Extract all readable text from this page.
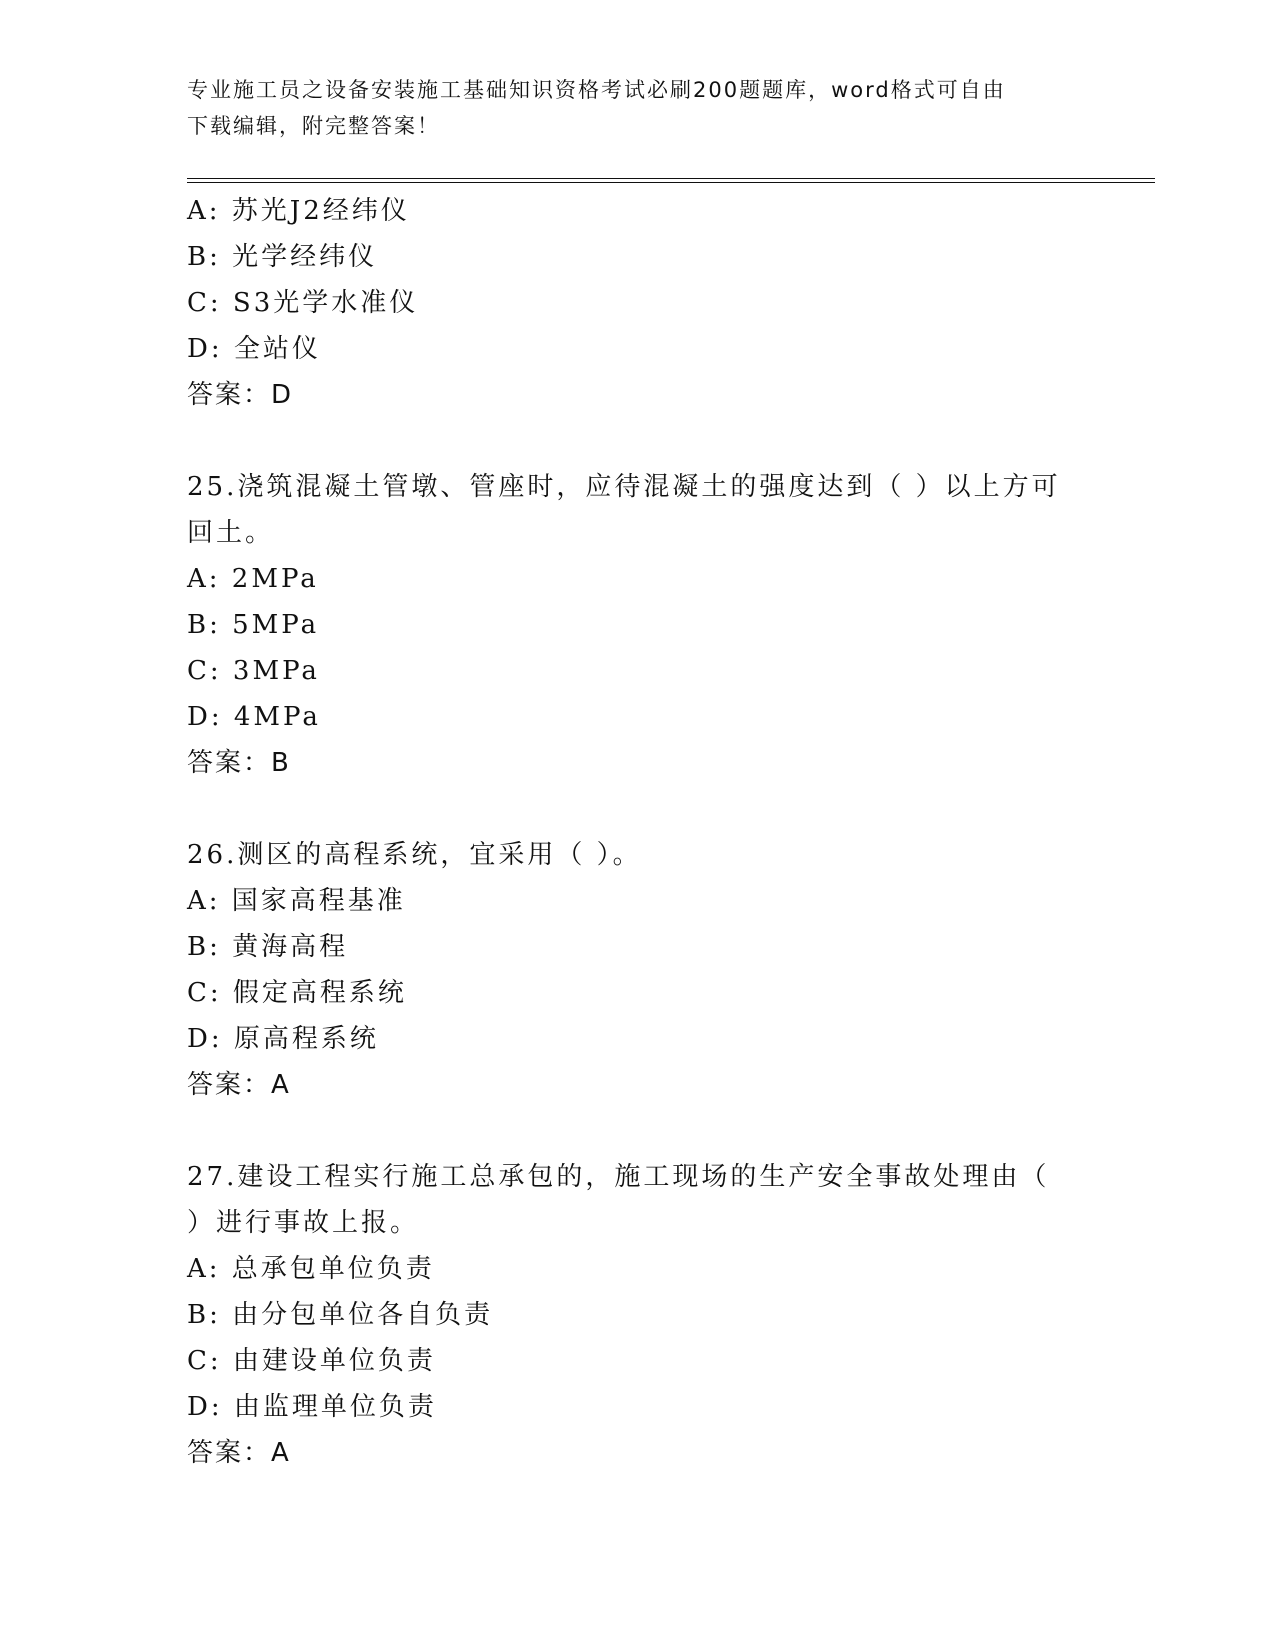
专业施工员之设备安装施工基础知识资格考试必刷200题题库，word格式可自由
下载编辑，附完整答案！
A: 苏光J2经纬仪
B: 光学经纬仪
C: S3光学水准仪
D: 全站仪
答案：D
25.浇筑混凝土管墩、管座时，应待混凝土的强度达到（ ）以上方可
回土。
A: 2MPa
B: 5MPa
C: 3MPa
D: 4MPa
答案：B
26.测区的高程系统，宜采用（ ）。
A: 国家高程基准
B: 黄海高程
C: 假定高程系统
D: 原高程系统
答案：A
27.建设工程实行施工总承包的，施工现场的生产安全事故处理由（
）进行事故上报。
A: 总承包单位负责
B: 由分包单位各自负责
C: 由建设单位负责
D: 由监理单位负责
答案：A
